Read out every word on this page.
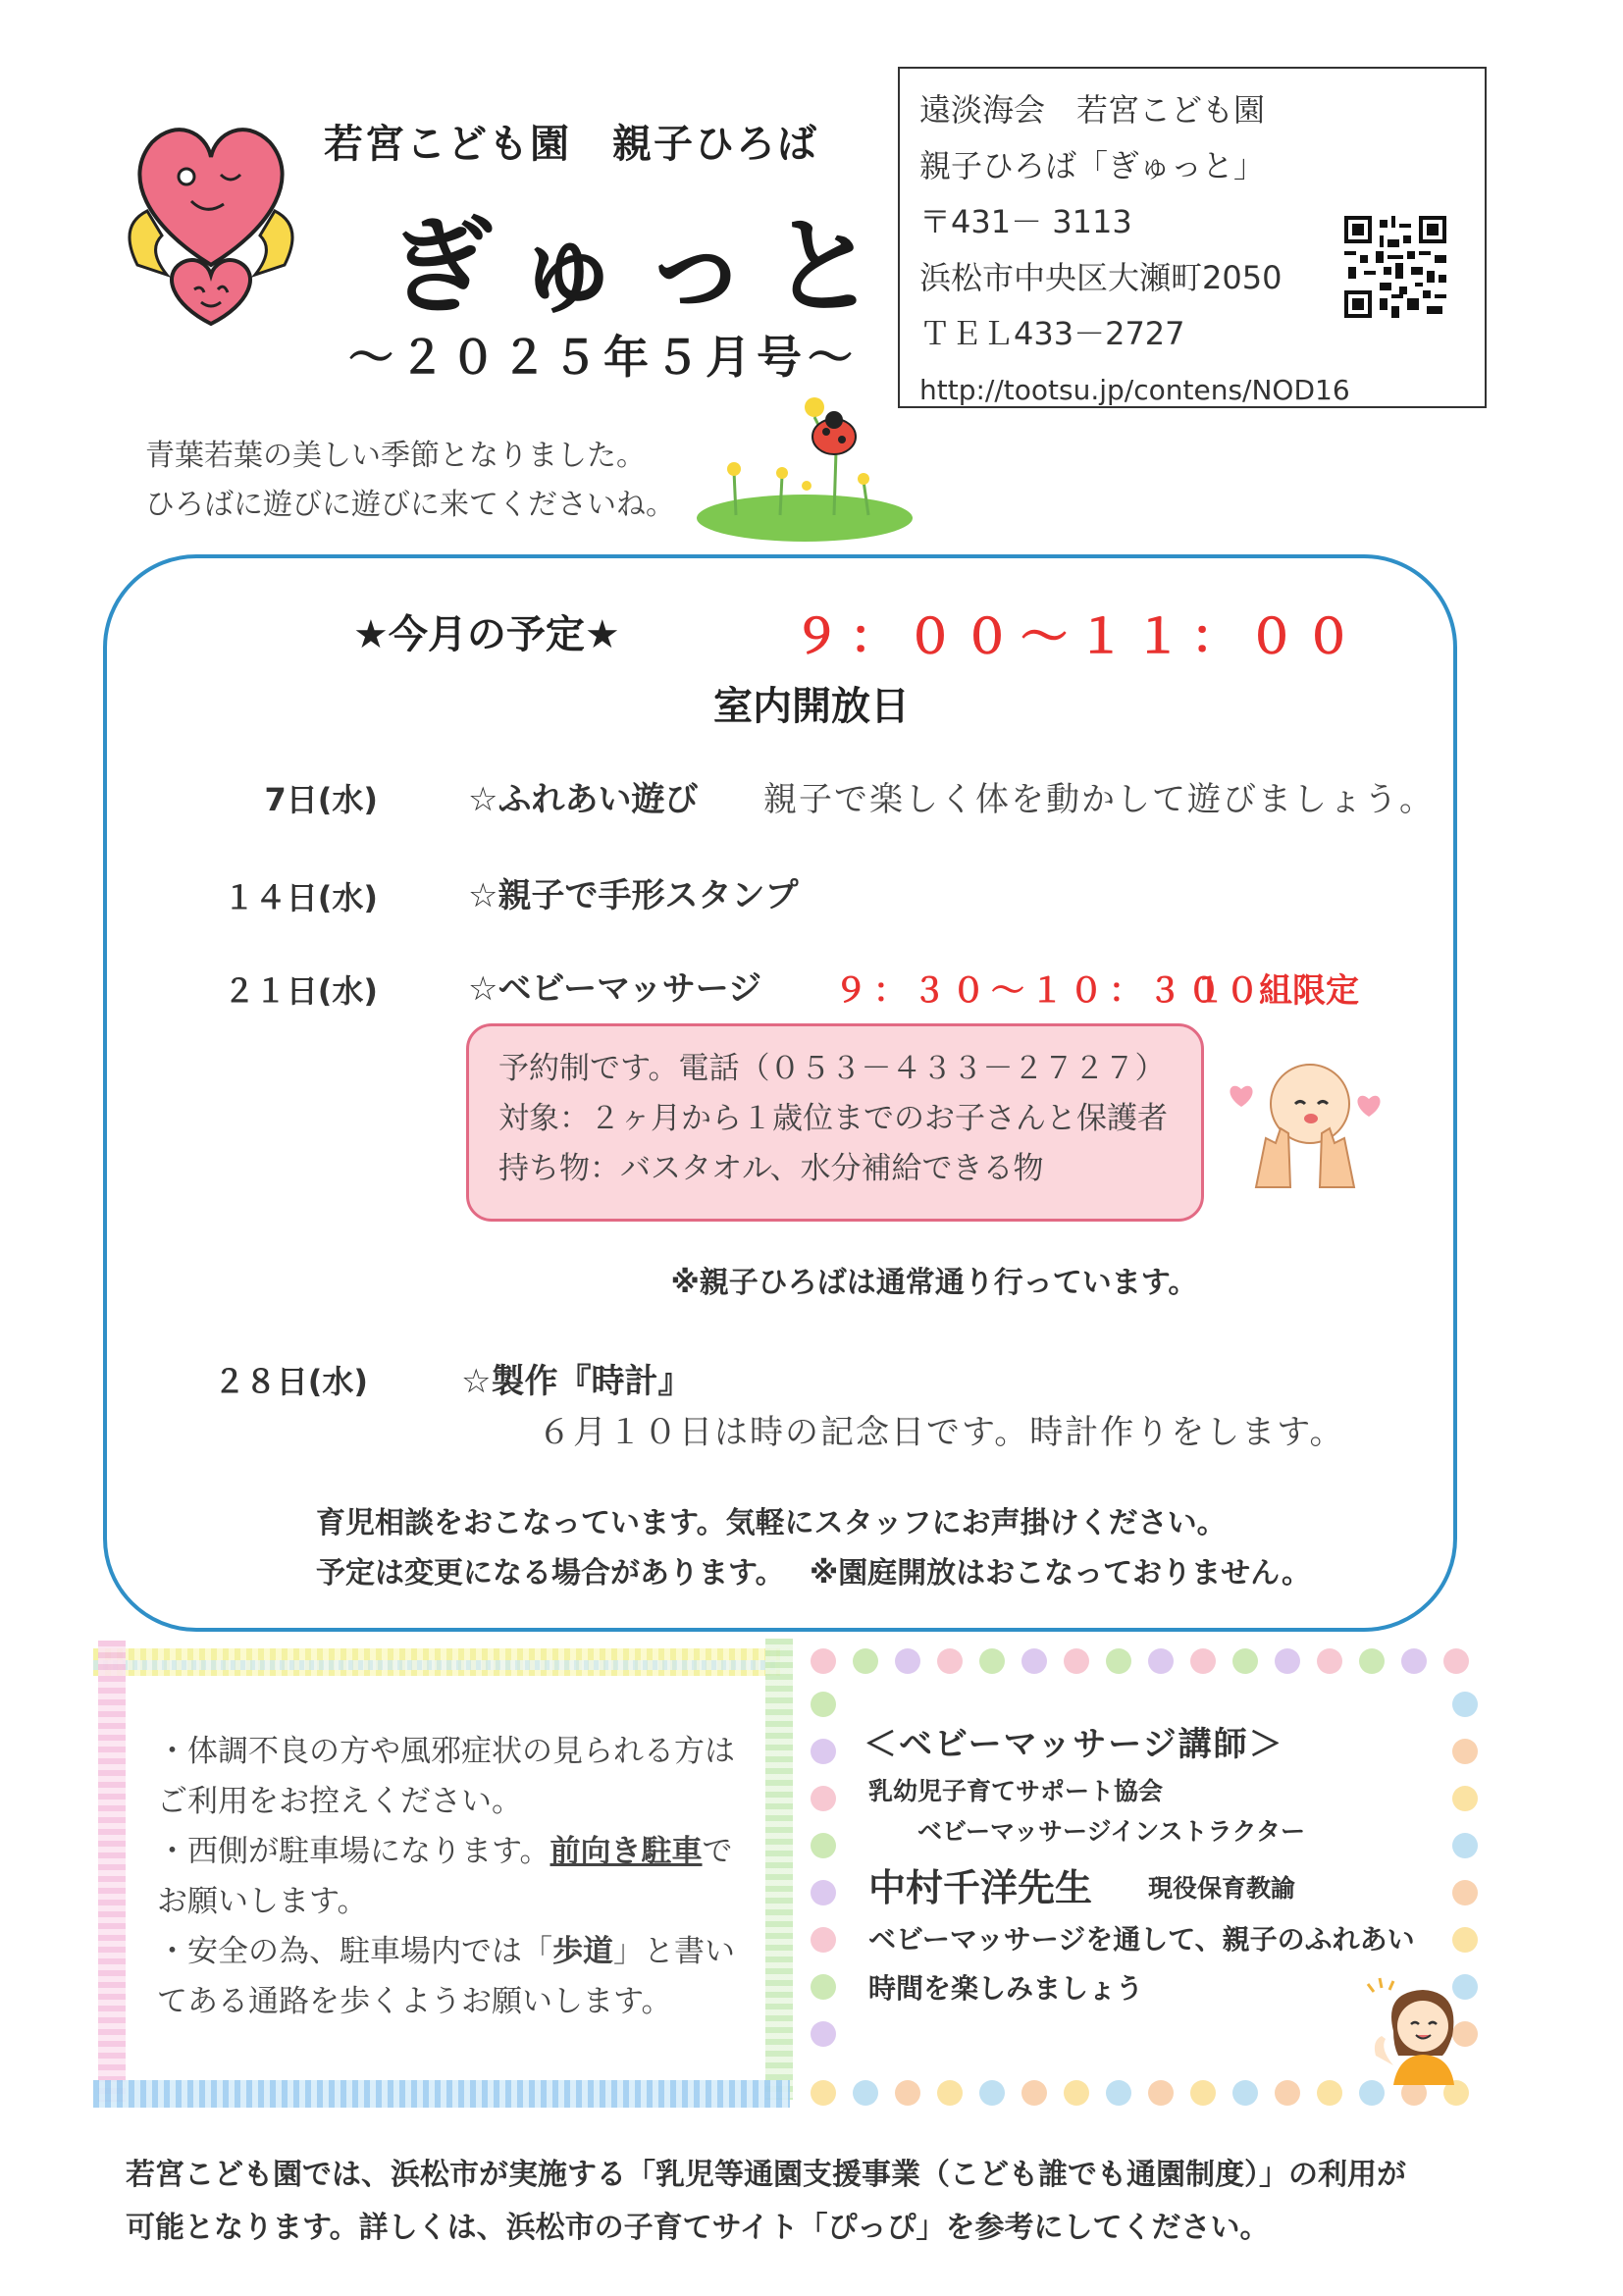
若宮こども園　親子ひろば
ぎゅっと
～２０２５年５月号～
遠淡海会　若宮こども園
親子ひろば「ぎゅっと」
〒431－ 3113
浜松市中央区大瀬町2050
ＴＥＬ433－2727
http://tootsu.jp/contens/NOD16
青葉若葉の美しい季節となりました。
ひろばに遊びに遊びに来てくださいね。
★今月の予定★	９：００～１１：００
室内開放日
7日(水)	☆ふれあい遊び 親子で楽しく体を動かして遊びましょう。
１４日(水)	☆親子で手形スタンプ
２１日(水)	☆ベビーマッサージ ９：３０～１０：３０
１０組限定
予約制です。電話（０５３－４３３－２７２７）
対象：２ヶ月から１歳位までのお子さんと保護者
持ち物：バスタオル、水分補給できる物
※親子ひろばは通常通り行っています。
２８日(水)	☆製作『時計』
６月１０日は時の記念日です。時計作りをします。
育児相談をおこなっています。気軽にスタッフにお声掛けください。
予定は変更になる場合があります。 ※園庭開放はおこなっておりません。
・体調不良の方や風邪症状の見られる方は
ご利用をお控えください。
・西側が駐車場になります。前向き駐車で
お願いします。
・安全の為、駐車場内では「歩道」と書い
てある通路を歩くようお願いします。
＜ベビーマッサージ講師＞
乳幼児子育てサポート協会
ベビーマッサージインストラクター
中村千洋先生 現役保育教諭
ベビーマッサージを通して、親子のふれあい
時間を楽しみましょう
若宮こども園では、浜松市が実施する「乳児等通園支援事業（こども誰でも通園制度）」の利用が
可能となります。詳しくは、浜松市の子育てサイト「ぴっぴ」を参考にしてください。
